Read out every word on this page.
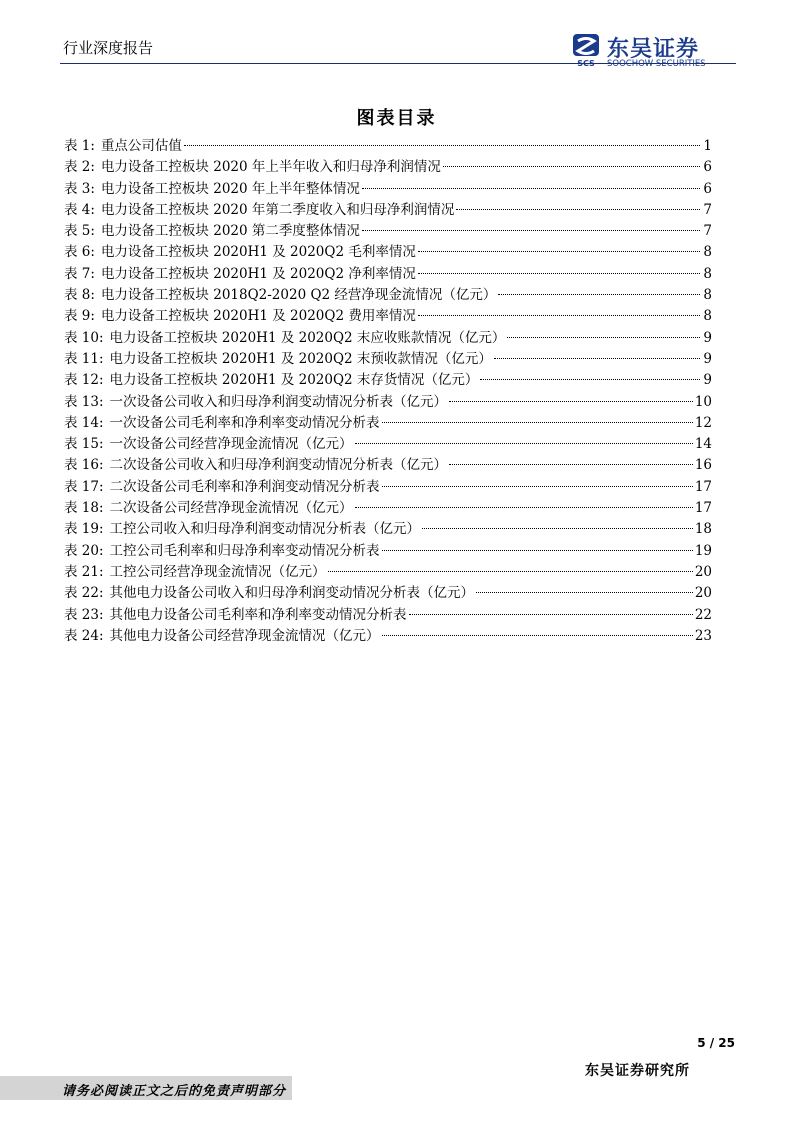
行业深度报告
SCS
东吴证券
SOOCHOW SECURITIES
图表目录
表 1: 重点公司估值	1
表 2: 电力设备工控板块 2020 年上半年收入和归母净利润情况	6
表 3: 电力设备工控板块 2020 年上半年整体情况	6
表 4: 电力设备工控板块 2020 年第二季度收入和归母净利润情况	7
表 5: 电力设备工控板块 2020 第二季度整体情况	7
表 6: 电力设备工控板块 2020H1 及 2020Q2 毛利率情况	8
表 7: 电力设备工控板块 2020H1 及 2020Q2 净利率情况	8
表 8: 电力设备工控板块 2018Q2-2020 Q2 经营净现金流情况（亿元）	8
表 9: 电力设备工控板块 2020H1 及 2020Q2 费用率情况	8
表 10: 电力设备工控板块 2020H1 及 2020Q2 末应收账款情况（亿元）	9
表 11: 电力设备工控板块 2020H1 及 2020Q2 末预收款情况（亿元）	9
表 12: 电力设备工控板块 2020H1 及 2020Q2 末存货情况（亿元）	9
表 13: 一次设备公司收入和归母净利润变动情况分析表（亿元）	10
表 14: 一次设备公司毛利率和净利率变动情况分析表	12
表 15: 一次设备公司经营净现金流情况（亿元）	14
表 16: 二次设备公司收入和归母净利润变动情况分析表（亿元）	16
表 17: 二次设备公司毛利率和净利润变动情况分析表	17
表 18: 二次设备公司经营净现金流情况（亿元）	17
表 19: 工控公司收入和归母净利润变动情况分析表（亿元）	18
表 20: 工控公司毛利率和归母净利率变动情况分析表	19
表 21: 工控公司经营净现金流情况（亿元）	20
表 22: 其他电力设备公司收入和归母净利润变动情况分析表（亿元）	20
表 23: 其他电力设备公司毛利率和净利率变动情况分析表	22
表 24: 其他电力设备公司经营净现金流情况（亿元）	23
5 / 25
东吴证券研究所
请务必阅读正文之后的免责声明部分
